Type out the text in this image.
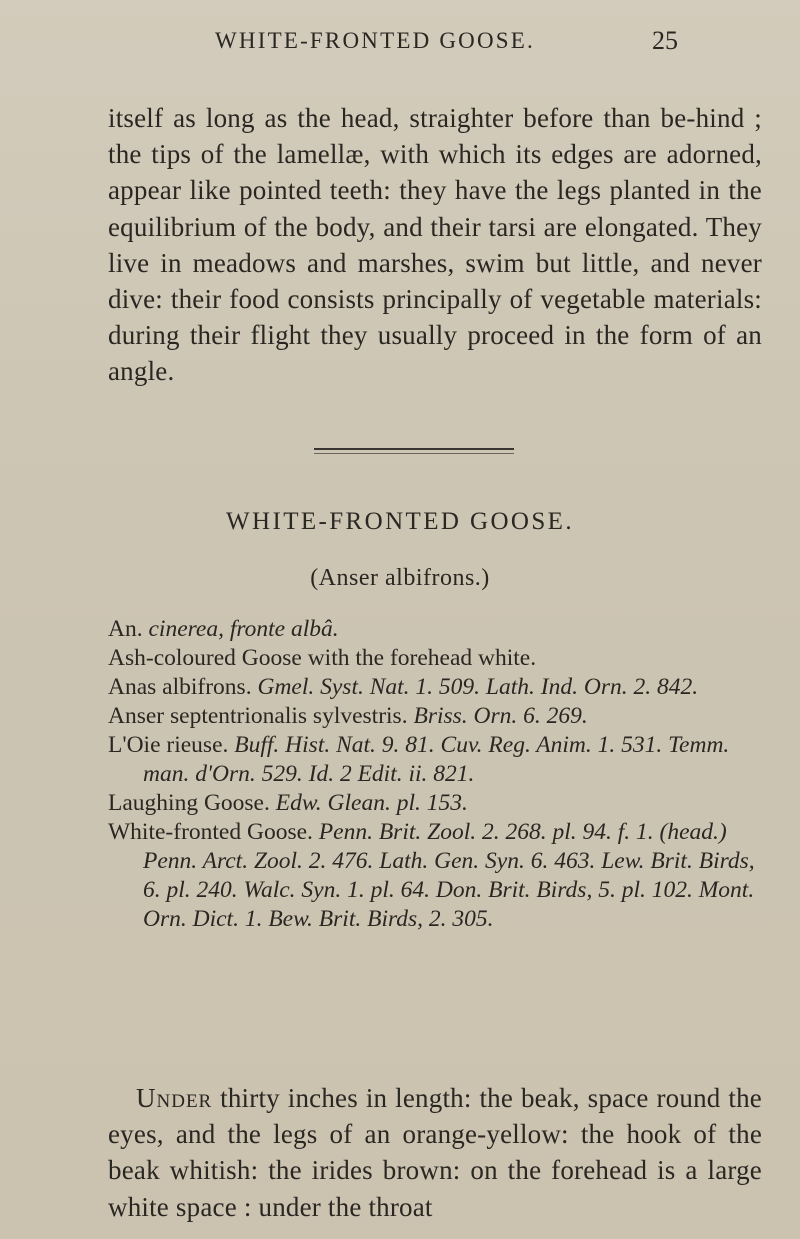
WHITE-FRONTED GOOSE.	25

itself as long as the head, straighter before than be-hind ; the tips of the lamellæ, with which its edges are adorned, appear like pointed teeth: they have the legs planted in the equilibrium of the body, and their tarsi are elongated. They live in meadows and marshes, swim but little, and never dive: their food consists principally of vegetable materials: during their flight they usually proceed in the form of an angle.

WHITE-FRONTED GOOSE.
(Anser albifrons.)

An. cinerea, fronte albâ.

Ash-coloured Goose with the forehead white.

Anas albifrons. Gmel. Syst. Nat. 1. 509. Lath. Ind. Orn. 2. 842.

Anser septentrionalis sylvestris. Briss. Orn. 6. 269.

L'Oie rieuse. Buff. Hist. Nat. 9. 81. Cuv. Reg. Anim. 1. 531. Temm. man. d'Orn. 529. Id. 2 Edit. ii. 821.

Laughing Goose. Edw. Glean. pl. 153.

White-fronted Goose. Penn. Brit. Zool. 2. 268. pl. 94. f. 1. (head.) Penn. Arct. Zool. 2. 476. Lath. Gen. Syn. 6. 463. Lew. Brit. Birds, 6. pl. 240. Walc. Syn. 1. pl. 64. Don. Brit. Birds, 5. pl. 102. Mont. Orn. Dict. 1. Bew. Brit. Birds, 2. 305.

Under thirty inches in length: the beak, space round the eyes, and the legs of an orange-yellow: the hook of the beak whitish: the irides brown: on the forehead is a large white space : under the throat
